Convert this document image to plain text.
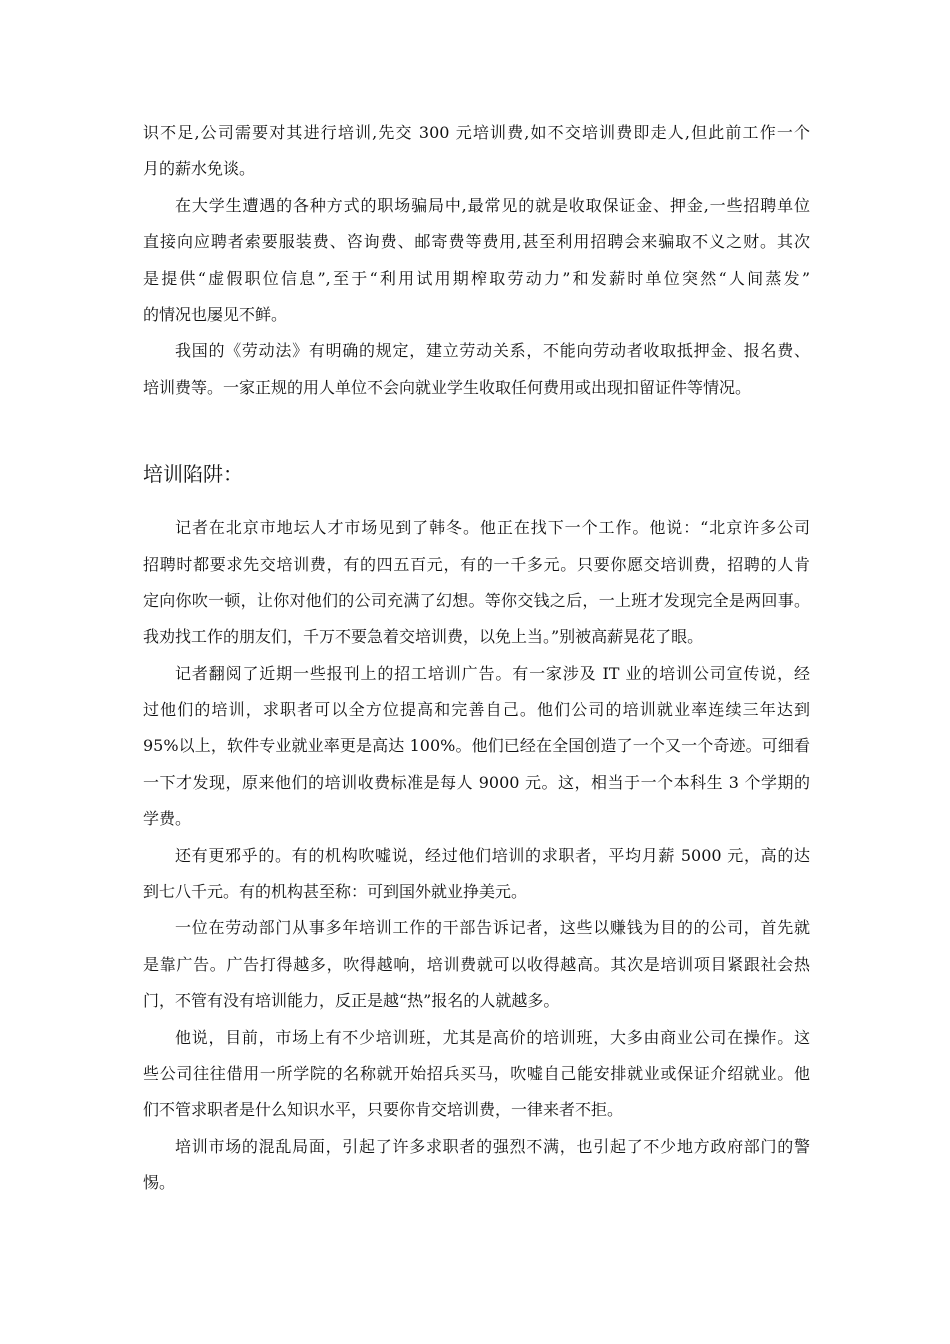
识不足,公司需要对其进行培训,先交 300 元培训费,如不交培训费即走人,但此前工作一个
月的薪水免谈。
在大学生遭遇的各种方式的职场骗局中,最常见的就是收取保证金、押金,一些招聘单位
直接向应聘者索要服装费、咨询费、邮寄费等费用,甚至利用招聘会来骗取不义之财。其次
是提供“虚假职位信息”,至于“利用试用期榨取劳动力”和发薪时单位突然“人间蒸发”
的情况也屡见不鲜。
我国的《劳动法》有明确的规定，建立劳动关系，不能向劳动者收取抵押金、报名费、
培训费等。一家正规的用人单位不会向就业学生收取任何费用或出现扣留证件等情况。
培训陷阱：
记者在北京市地坛人才市场见到了韩冬。他正在找下一个工作。他说：“北京许多公司
招聘时都要求先交培训费，有的四五百元，有的一千多元。只要你愿交培训费，招聘的人肯
定向你吹一顿，让你对他们的公司充满了幻想。等你交钱之后，一上班才发现完全是两回事。
我劝找工作的朋友们，千万不要急着交培训费，以免上当。”别被高薪晃花了眼。
记者翻阅了近期一些报刊上的招工培训广告。有一家涉及 IT 业的培训公司宣传说，经
过他们的培训，求职者可以全方位提高和完善自己。他们公司的培训就业率连续三年达到
95%以上，软件专业就业率更是高达 100%。他们已经在全国创造了一个又一个奇迹。可细看
一下才发现，原来他们的培训收费标准是每人 9000 元。这，相当于一个本科生 3 个学期的
学费。
还有更邪乎的。有的机构吹嘘说，经过他们培训的求职者，平均月薪 5000 元，高的达
到七八千元。有的机构甚至称：可到国外就业挣美元。
一位在劳动部门从事多年培训工作的干部告诉记者，这些以赚钱为目的的公司，首先就
是靠广告。广告打得越多，吹得越响，培训费就可以收得越高。其次是培训项目紧跟社会热
门，不管有没有培训能力，反正是越“热”报名的人就越多。
他说，目前，市场上有不少培训班，尤其是高价的培训班，大多由商业公司在操作。这
些公司往往借用一所学院的名称就开始招兵买马，吹嘘自己能安排就业或保证介绍就业。他
们不管求职者是什么知识水平，只要你肯交培训费，一律来者不拒。
培训市场的混乱局面，引起了许多求职者的强烈不满，也引起了不少地方政府部门的警
惕。
